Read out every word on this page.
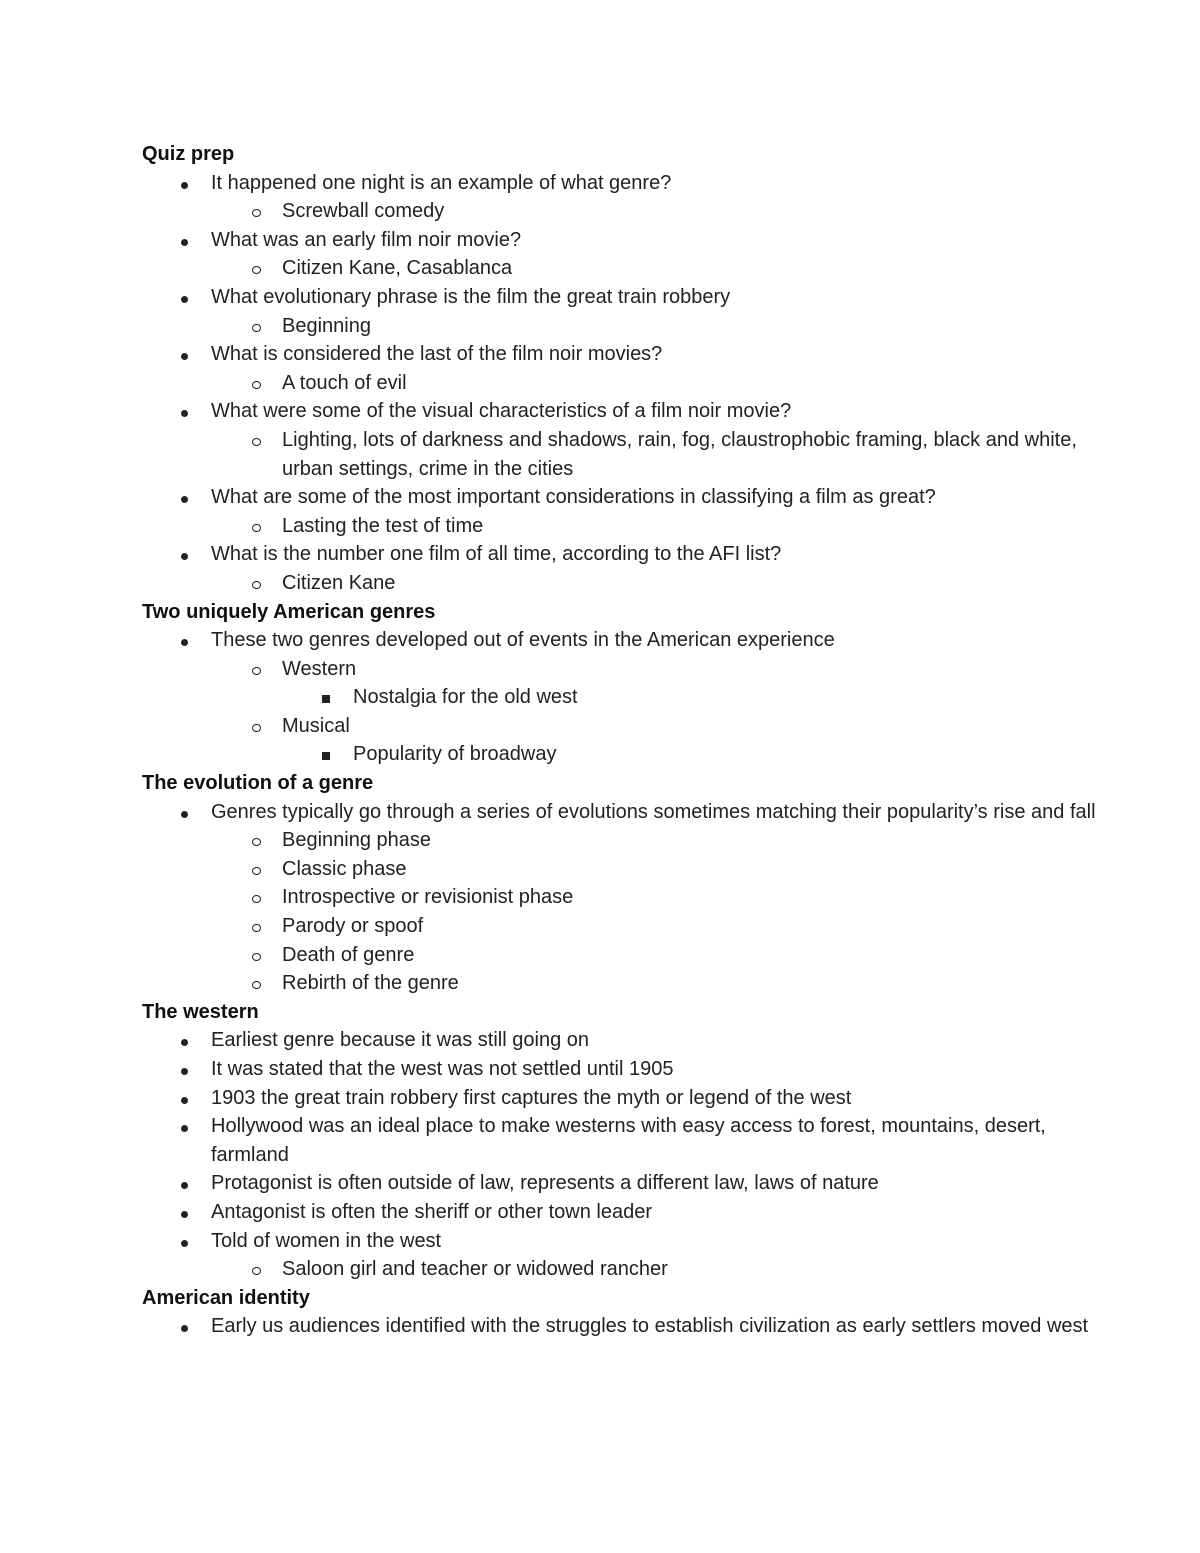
Quiz prep
It happened one night is an example of what genre?
Screwball comedy
What was an early film noir movie?
Citizen Kane, Casablanca
What evolutionary phrase is the film the great train robbery
Beginning
What is considered the last of the film noir movies?
A touch of evil
What were some of the visual characteristics of a film noir movie?
Lighting, lots of darkness and shadows, rain, fog, claustrophobic framing, black and white, urban settings, crime in the cities
What are some of the most important considerations in classifying a film as great?
Lasting the test of time
What is the number one film of all time, according to the AFI list?
Citizen Kane
Two uniquely American genres
These two genres developed out of events in the American experience
Western
Nostalgia for the old west
Musical
Popularity of broadway
The evolution of a genre
Genres typically go through a series of evolutions sometimes matching their popularity’s rise and fall
Beginning phase
Classic phase
Introspective or revisionist phase
Parody or spoof
Death of genre
Rebirth of the genre
The western
Earliest genre because it was still going on
It was stated that the west was not settled until 1905
1903 the great train robbery first captures the myth or legend of the west
Hollywood was an ideal place to make westerns with easy access to forest, mountains, desert, farmland
Protagonist is often outside of law, represents a different law, laws of nature
Antagonist is often the sheriff or other town leader
Told of women in the west
Saloon girl and teacher or widowed rancher
American identity
Early us audiences identified with the struggles to establish civilization as early settlers moved west
